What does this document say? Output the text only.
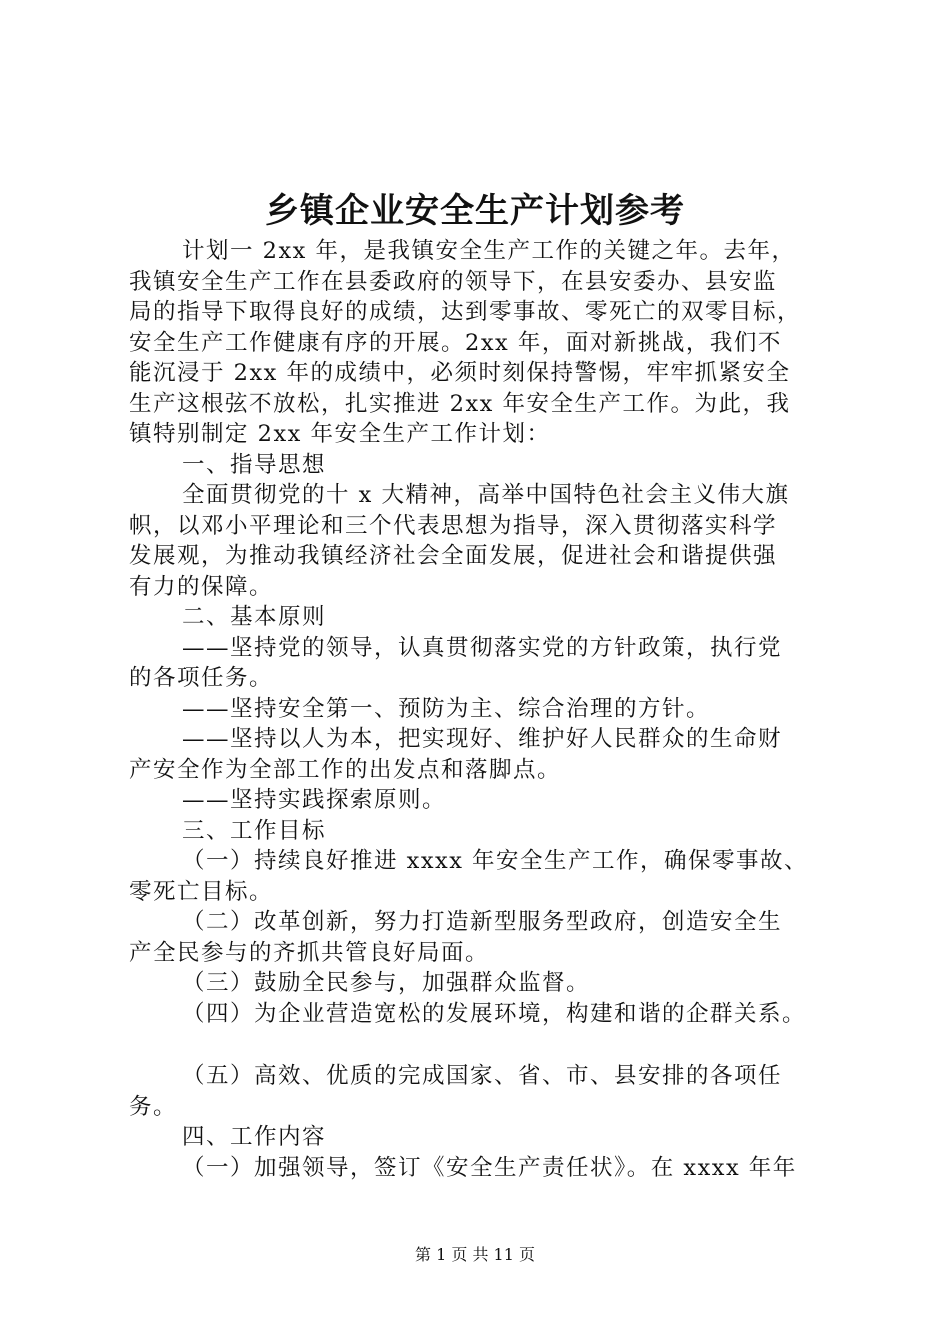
乡镇企业安全生产计划参考
计划一 2xx 年，是我镇安全生产工作的关键之年。去年，
我镇安全生产工作在县委政府的领导下，在县安委办、县安监
局的指导下取得良好的成绩，达到零事故、零死亡的双零目标，
安全生产工作健康有序的开展。2xx 年，面对新挑战，我们不
能沉浸于 2xx 年的成绩中，必须时刻保持警惕，牢牢抓紧安全
生产这根弦不放松，扎实推进 2xx 年安全生产工作。为此，我
镇特别制定 2xx 年安全生产工作计划：
一、指导思想
全面贯彻党的十 x 大精神，高举中国特色社会主义伟大旗
帜，以邓小平理论和三个代表思想为指导，深入贯彻落实科学
发展观，为推动我镇经济社会全面发展，促进社会和谐提供强
有力的保障。
二、基本原则
——坚持党的领导，认真贯彻落实党的方针政策，执行党
的各项任务。
——坚持安全第一、预防为主、综合治理的方针。
——坚持以人为本，把实现好、维护好人民群众的生命财
产安全作为全部工作的出发点和落脚点。
——坚持实践探索原则。
三、工作目标
（一）持续良好推进 xxxx 年安全生产工作，确保零事故、
零死亡目标。
（二）改革创新，努力打造新型服务型政府，创造安全生
产全民参与的齐抓共管良好局面。
（三）鼓励全民参与，加强群众监督。
（四）为企业营造宽松的发展环境，构建和谐的企群关系。
（五）高效、优质的完成国家、省、市、县安排的各项任
务。
四、工作内容
（一）加强领导，签订《安全生产责任状》。在 xxxx 年年
第 1 页 共 11 页
